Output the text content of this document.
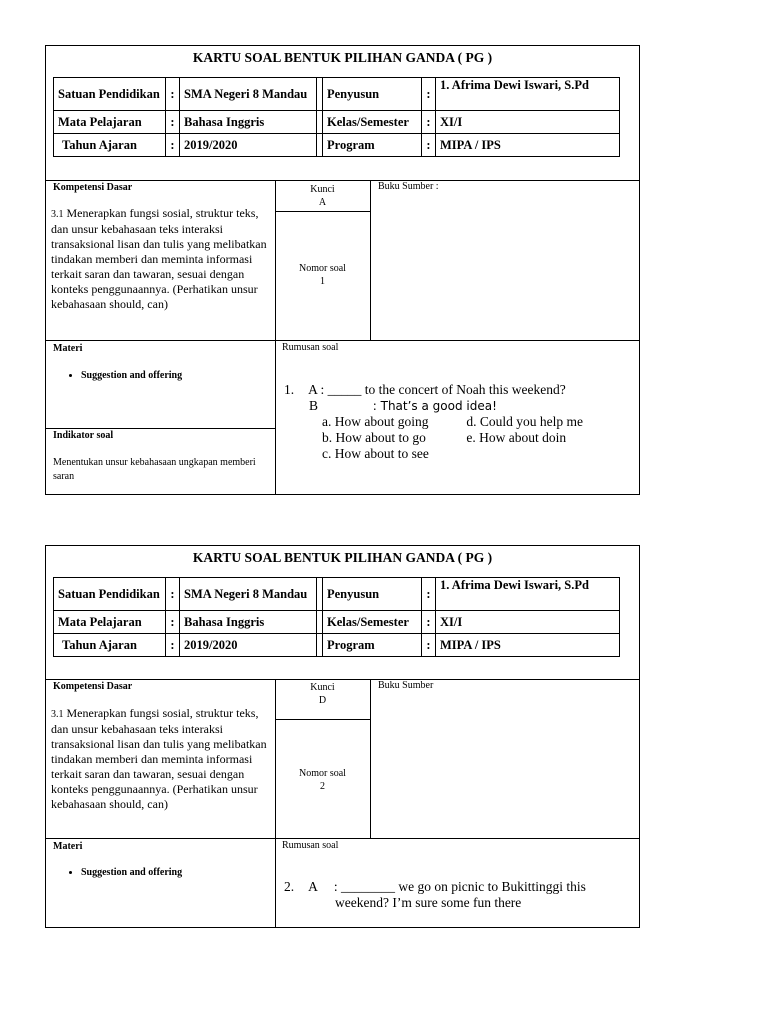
KARTU SOAL BENTUK PILIHAN GANDA ( PG )
Satuan Pendidikan	:	SMA Negeri 8 Mandau		Penyusun	:	1. Afrima Dewi Iswari, S.Pd
Mata Pelajaran	:	Bahasa Inggris		Kelas/Semester	:	XI/I
Tahun Ajaran	:	2019/2020		Program	:	MIPA / IPS
Kompetensi Dasar
3.1 Menerapkan fungsi sosial, struktur teks, dan unsur kebahasaan teks interaksi transaksional lisan dan tulis yang melibatkan tindakan memberi dan meminta informasi terkait saran dan tawaran, sesuai dengan konteks penggunaannya. (Perhatikan unsur kebahasaan should, can)
Kunci
A
Nomor soal
1
Buku Sumber :
Materi
• Suggestion and offering
Indikator soal
Menentukan unsur kebahasaan ungkapan memberi saran
Rumusan soal
1. A : _____ to the concert of Noah this weekend?
B	: That’s a good idea!
a. How about going	d. Could you help me
b. How about to go	e. How about doin
c. How about to see
KARTU SOAL BENTUK PILIHAN GANDA ( PG )
Satuan Pendidikan	:	SMA Negeri 8 Mandau		Penyusun	:	1. Afrima Dewi Iswari, S.Pd
Mata Pelajaran	:	Bahasa Inggris		Kelas/Semester	:	XI/I
Tahun Ajaran	:	2019/2020		Program	:	MIPA / IPS
Kompetensi Dasar
3.1 Menerapkan fungsi sosial, struktur teks, dan unsur kebahasaan teks interaksi transaksional lisan dan tulis yang melibatkan tindakan memberi dan meminta informasi terkait saran dan tawaran, sesuai dengan konteks penggunaannya. (Perhatikan unsur kebahasaan should, can)
Kunci
D
Nomor soal
2
Buku Sumber
Materi
• Suggestion and offering
Rumusan soal
2. A : ________ we go on picnic to Bukittinggi this
weekend? I’m sure some fun there
